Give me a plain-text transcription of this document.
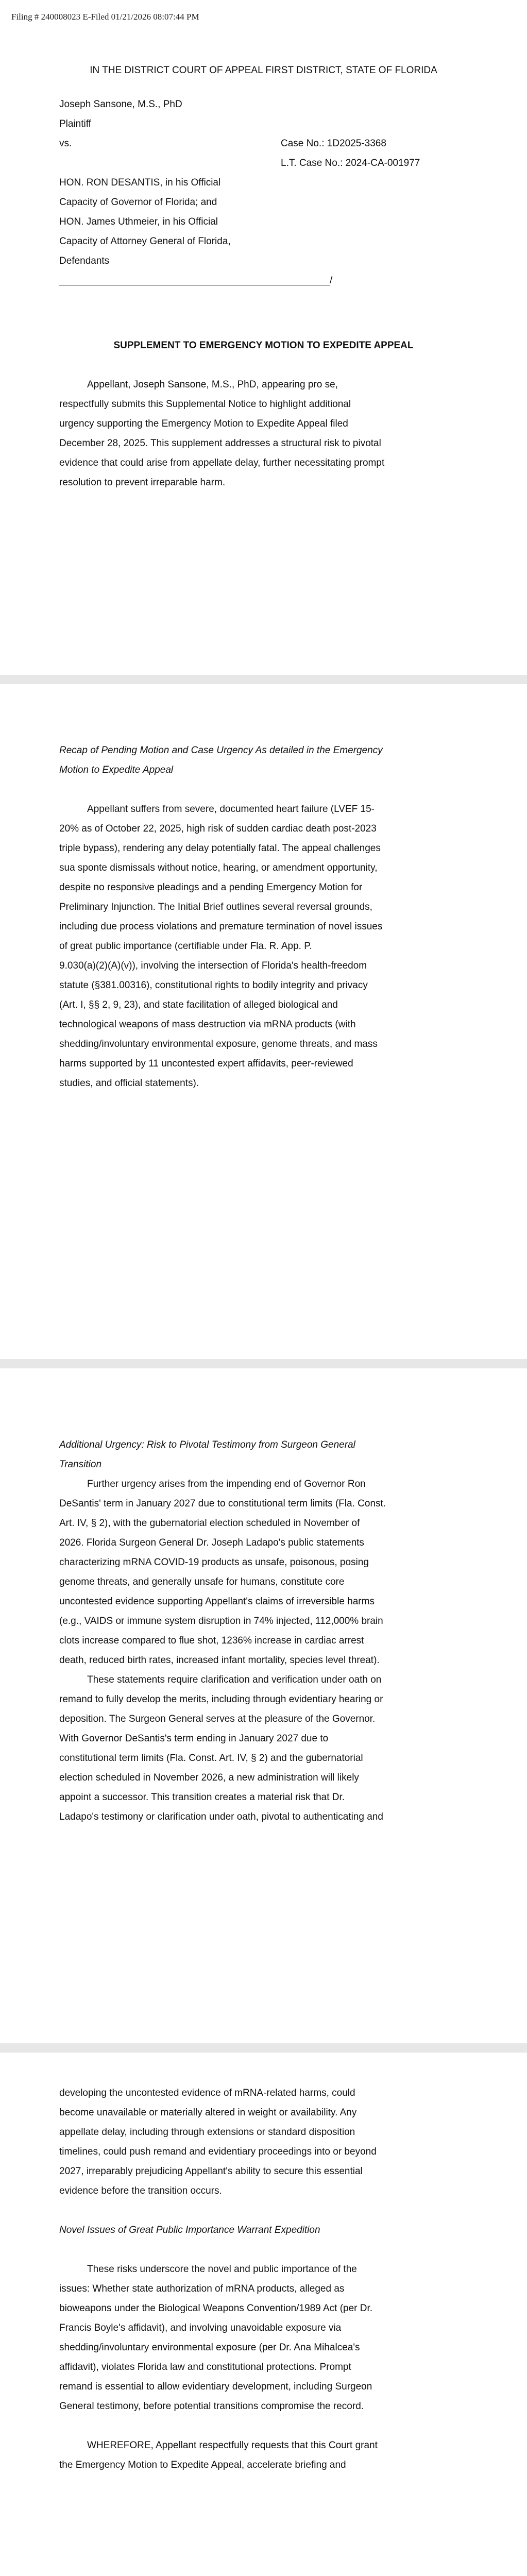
Filing # 240008023 E-Filed 01/21/2026 08:07:44 PM

IN THE DISTRICT COURT OF APPEAL FIRST DISTRICT, STATE OF FLORIDA

Joseph Sansone, M.S., PhD

Plaintiff

vs.	Case No.: 1D2025-3368
L.T. Case No.: 2024-CA-001977

HON. RON DESANTIS, in his Official

Capacity of Governor of Florida; and

HON. James Uthmeier, in his Official

Capacity of Attorney General of Florida,

Defendants

/

SUPPLEMENT TO EMERGENCY MOTION TO EXPEDITE APPEAL

Appellant, Joseph Sansone, M.S., PhD, appearing pro se,

respectfully submits this Supplemental Notice to highlight additional

urgency supporting the Emergency Motion to Expedite Appeal filed

December 28, 2025. This supplement addresses a structural risk to pivotal

evidence that could arise from appellate delay, further necessitating prompt

resolution to prevent irreparable harm.

Recap of Pending Motion and Case Urgency As detailed in the Emergency

Motion to Expedite Appeal

Appellant suffers from severe, documented heart failure (LVEF 15-

20% as of October 22, 2025, high risk of sudden cardiac death post-2023

triple bypass), rendering any delay potentially fatal. The appeal challenges

sua sponte dismissals without notice, hearing, or amendment opportunity,

despite no responsive pleadings and a pending Emergency Motion for

Preliminary Injunction. The Initial Brief outlines several reversal grounds,

including due process violations and premature termination of novel issues

of great public importance (certifiable under Fla. R. App. P.

9.030(a)(2)(A)(v)), involving the intersection of Florida's health-freedom

statute (§381.00316), constitutional rights to bodily integrity and privacy

(Art. I, §§ 2, 9, 23), and state facilitation of alleged biological and

technological weapons of mass destruction via mRNA products (with

shedding/involuntary environmental exposure, genome threats, and mass

harms supported by 11 uncontested expert affidavits, peer-reviewed

studies, and official statements).

Additional Urgency: Risk to Pivotal Testimony from Surgeon General

Transition

Further urgency arises from the impending end of Governor Ron

DeSantis' term in January 2027 due to constitutional term limits (Fla. Const.

Art. IV, § 2), with the gubernatorial election scheduled in November of

2026. Florida Surgeon General Dr. Joseph Ladapo's public statements

characterizing mRNA COVID-19 products as unsafe, poisonous, posing

genome threats, and generally unsafe for humans, constitute core

uncontested evidence supporting Appellant's claims of irreversible harms

(e.g., VAIDS or immune system disruption in 74% injected, 112,000% brain

clots increase compared to flue shot, 1236% increase in cardiac arrest

death, reduced birth rates, increased infant mortality, species level threat).

These statements require clarification and verification under oath on

remand to fully develop the merits, including through evidentiary hearing or

deposition. The Surgeon General serves at the pleasure of the Governor.

With Governor DeSantis's term ending in January 2027 due to

constitutional term limits (Fla. Const. Art. IV, § 2) and the gubernatorial

election scheduled in November 2026, a new administration will likely

appoint a successor. This transition creates a material risk that Dr.

Ladapo's testimony or clarification under oath, pivotal to authenticating and

developing the uncontested evidence of mRNA-related harms, could

become unavailable or materially altered in weight or availability. Any

appellate delay, including through extensions or standard disposition

timelines, could push remand and evidentiary proceedings into or beyond

2027, irreparably prejudicing Appellant's ability to secure this essential

evidence before the transition occurs.

Novel Issues of Great Public Importance Warrant Expedition

These risks underscore the novel and public importance of the

issues: Whether state authorization of mRNA products, alleged as

bioweapons under the Biological Weapons Convention/1989 Act (per Dr.

Francis Boyle's affidavit), and involving unavoidable exposure via

shedding/involuntary environmental exposure (per Dr. Ana Mihalcea's

affidavit), violates Florida law and constitutional protections. Prompt

remand is essential to allow evidentiary development, including Surgeon

General testimony, before potential transitions compromise the record.

WHEREFORE, Appellant respectfully requests that this Court grant

the Emergency Motion to Expedite Appeal, accelerate briefing and
